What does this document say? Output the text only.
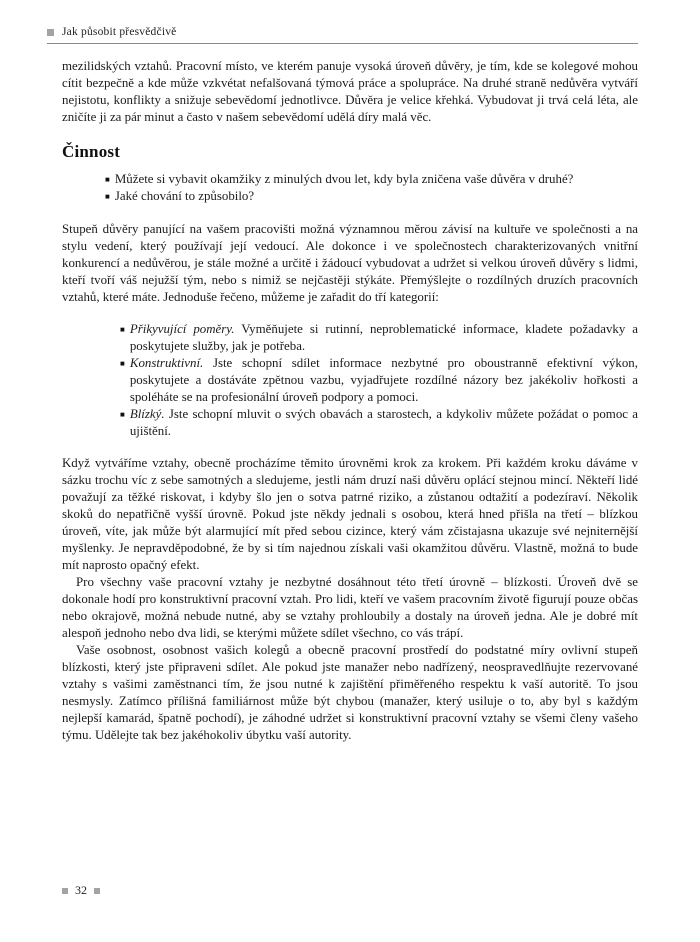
Jak působit přesvědčivě

mezilidských vztahů. Pracovní místo, ve kterém panuje vysoká úroveň důvěry, je tím, kde se kolegové mohou cítit bezpečně a kde může vzkvétat nefalšovaná týmová práce a spolupráce. Na druhé straně nedůvěra vytváří nejistotu, konflikty a snižuje sebevědomí jednotlivce. Důvěra je velice křehká. Vybudovat ji trvá celá léta, ale zničíte ji za pár minut a často v našem sebevědomí udělá díry malá věc.

Činnost
■ Můžete si vybavit okamžiky z minulých dvou let, kdy byla zničena vaše důvěra v druhé?
■ Jaké chování to způsobilo?

Stupeň důvěry panující na vašem pracovišti možná významnou měrou závisí na kultuře ve společnosti a na stylu vedení, který používají její vedoucí. Ale dokonce i ve společnostech charakterizovaných vnitřní konkurencí a nedůvěrou, je stále možné a určitě i žádoucí vybudovat a udržet si velkou úroveň důvěry s lidmi, kteří tvoří váš nejužší tým, nebo s nimiž se nejčastěji stýkáte. Přemýšlejte o rozdílných druzích pracovních vztahů, které máte. Jednoduše řečeno, můžeme je zařadit do tří kategorií:

■ Přikyvující poměry. Vyměňujete si rutinní, neproblematické informace, kladete požadavky a poskytujete služby, jak je potřeba.
■ Konstruktivní. Jste schopní sdílet informace nezbytné pro oboustranně efektivní výkon, poskytujete a dostáváte zpětnou vazbu, vyjadřujete rozdílné názory bez jakékoliv hořkosti a spoléháte se na profesionální úroveň podpory a pomoci.
■ Blízký. Jste schopní mluvit o svých obavách a starostech, a kdykoliv můžete požádat o pomoc a ujištění.

Když vytváříme vztahy, obecně procházíme těmito úrovněmi krok za krokem. Při každém kroku dáváme v sázku trochu víc z sebe samotných a sledujeme, jestli nám druzí naši důvěru oplácí stejnou mincí. Někteří lidé považují za těžké riskovat, i kdyby šlo jen o sotva patrné riziko, a zůstanou odtažití a podezíraví. Několik skoků do nepatřičně vyšší úrovně. Pokud jste někdy jednali s osobou, která hned přišla na třetí – blízkou úroveň, víte, jak může být alarmující mít před sebou cizince, který vám zčistajasna ukazuje své nejniternější myšlenky. Je nepravděpodobné, že by si tím najednou získali vaši okamžitou důvěru. Vlastně, možná to bude mít naprosto opačný efekt.

Pro všechny vaše pracovní vztahy je nezbytné dosáhnout této třetí úrovně – blízkosti. Úroveň dvě se dokonale hodí pro konstruktivní pracovní vztah. Pro lidi, kteří ve vašem pracovním životě figurují pouze občas nebo okrajově, možná nebude nutné, aby se vztahy prohloubily a dostaly na úroveň jedna. Ale je dobré mít alespoň jednoho nebo dva lidi, se kterými můžete sdílet všechno, co vás trápí.

Vaše osobnost, osobnost vašich kolegů a obecně pracovní prostředí do podstatné míry ovlivní stupeň blízkosti, který jste připraveni sdílet. Ale pokud jste manažer nebo nadřízený, neospravedlňujte rezervované vztahy s vašimi zaměstnanci tím, že jsou nutné k zajištění přiměřeného respektu k vaší autoritě. To jsou nesmysly. Zatímco přílišná familiárnost může být chybou (manažer, který usiluje o to, aby byl s každým nejlepší kamarád, špatně pochodí), je záhodné udržet si konstruktivní pracovní vztahy se všemi členy vašeho týmu. Udělejte tak bez jakéhokoliv úbytku vaší autority.

32
